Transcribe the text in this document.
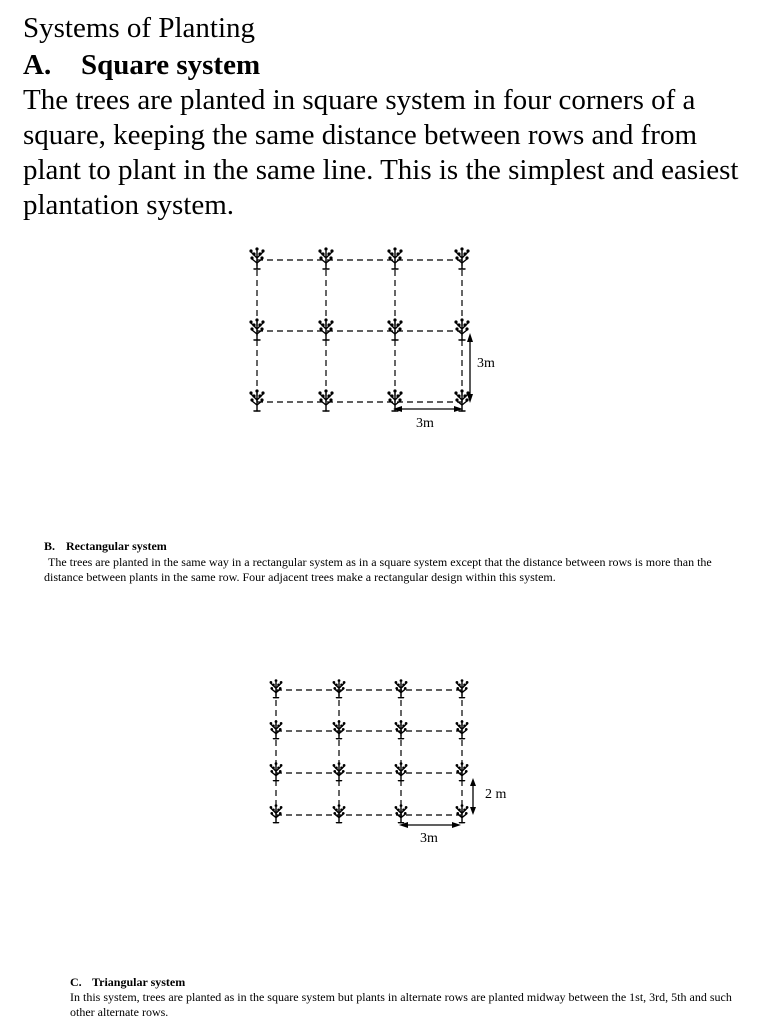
Systems of Planting
A. Square system
The trees are planted in square system in four corners of a square, keeping the same distance between rows and from plant to plant in the same line. This is the simplest and easiest plantation system.
3m
3m
2 m
3m
B. Rectangular system
The trees are planted in the same way in a rectangular system as in a square system except that the distance between rows is more than the distance between plants in the same row. Four adjacent trees make a rectangular design within this system.
C. Triangular system
In this system, trees are planted as in the square system but plants in alternate rows are planted midway between the 1st, 3rd, 5th and such other alternate rows.
